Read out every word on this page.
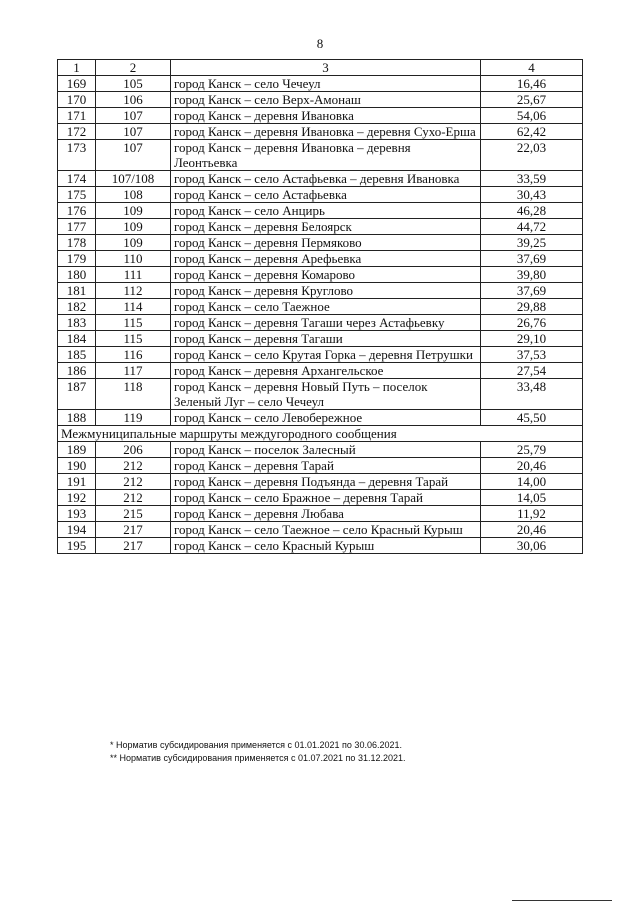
8
1	2	3	4
169	105	город Канск – село Чечеул	16,46
170	106	город Канск – село Верх-Амонаш	25,67
171	107	город Канск – деревня Ивановка	54,06
172	107	город Канск – деревня Ивановка – деревня Сухо-Ерша	62,42
173	107	город Канск – деревня Ивановка – деревня Леонтьевка	22,03
174	107/108	город Канск – село Астафьевка – деревня Ивановка	33,59
175	108	город Канск – село Астафьевка	30,43
176	109	город Канск – село Анцирь	46,28
177	109	город Канск – деревня Белоярск	44,72
178	109	город Канск – деревня Пермяково	39,25
179	110	город Канск – деревня Арефьевка	37,69
180	111	город Канск – деревня Комарово	39,80
181	112	город Канск – деревня Круглово	37,69
182	114	город Канск – село Таежное	29,88
183	115	город Канск – деревня Тагаши через Астафьевку	26,76
184	115	город Канск – деревня Тагаши	29,10
185	116	город Канск – село Крутая Горка – деревня Петрушки	37,53
186	117	город Канск – деревня Архангельское	27,54
187	118	город Канск – деревня Новый Путь – поселок Зеленый Луг – село Чечеул	33,48
188	119	город Канск – село Левобережное	45,50
Межмуниципальные маршруты междугородного сообщения			
189	206	город Канск – поселок Залесный	25,79
190	212	город Канск – деревня Тарай	20,46
191	212	город Канск – деревня Подъянда – деревня Тарай	14,00
192	212	город Канск – село Бражное – деревня Тарай	14,05
193	215	город Канск – деревня Любава	11,92
194	217	город Канск – село Таежное – село Красный Курыш	20,46
195	217	город Канск – село Красный Курыш	30,06
* Норматив субсидирования применяется с 01.01.2021 по 30.06.2021.
** Норматив субсидирования применяется с 01.07.2021 по 31.12.2021.
